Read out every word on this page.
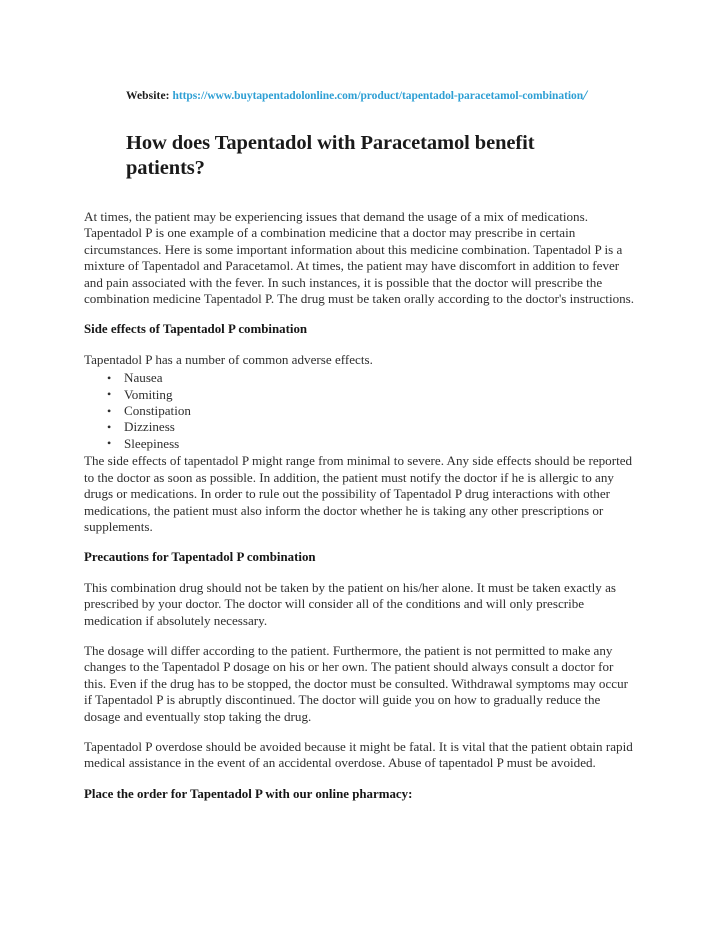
Website: https://www.buytapentadolonline.com/product/tapentadol-paracetamol-combination/
How does Tapentadol with Paracetamol benefit patients?

At times, the patient may be experiencing issues that demand the usage of a mix of medications. Tapentadol P is one example of a combination medicine that a doctor may prescribe in certain circumstances. Here is some important information about this medicine combination. Tapentadol P is a mixture of Tapentadol and Paracetamol. At times, the patient may have discomfort in addition to fever and pain associated with the fever. In such instances, it is possible that the doctor will prescribe the combination medicine Tapentadol P. The drug must be taken orally according to the doctor's instructions.

Side effects of Tapentadol P combination

Tapentadol P has a number of common adverse effects.

• Nausea
• Vomiting
• Constipation
• Dizziness
• Sleepiness

The side effects of tapentadol P might range from minimal to severe. Any side effects should be reported to the doctor as soon as possible. In addition, the patient must notify the doctor if he is allergic to any drugs or medications. In order to rule out the possibility of Tapentadol P drug interactions with other medications, the patient must also inform the doctor whether he is taking any other prescriptions or supplements.

Precautions for Tapentadol P combination

This combination drug should not be taken by the patient on his/her alone. It must be taken exactly as prescribed by your doctor. The doctor will consider all of the conditions and will only prescribe medication if absolutely necessary.

The dosage will differ according to the patient. Furthermore, the patient is not permitted to make any changes to the Tapentadol P dosage on his or her own. The patient should always consult a doctor for this. Even if the drug has to be stopped, the doctor must be consulted. Withdrawal symptoms may occur if Tapentadol P is abruptly discontinued. The doctor will guide you on how to gradually reduce the dosage and eventually stop taking the drug.

Tapentadol P overdose should be avoided because it might be fatal. It is vital that the patient obtain rapid medical assistance in the event of an accidental overdose. Abuse of tapentadol P must be avoided.

Place the order for Tapentadol P with our online pharmacy:
